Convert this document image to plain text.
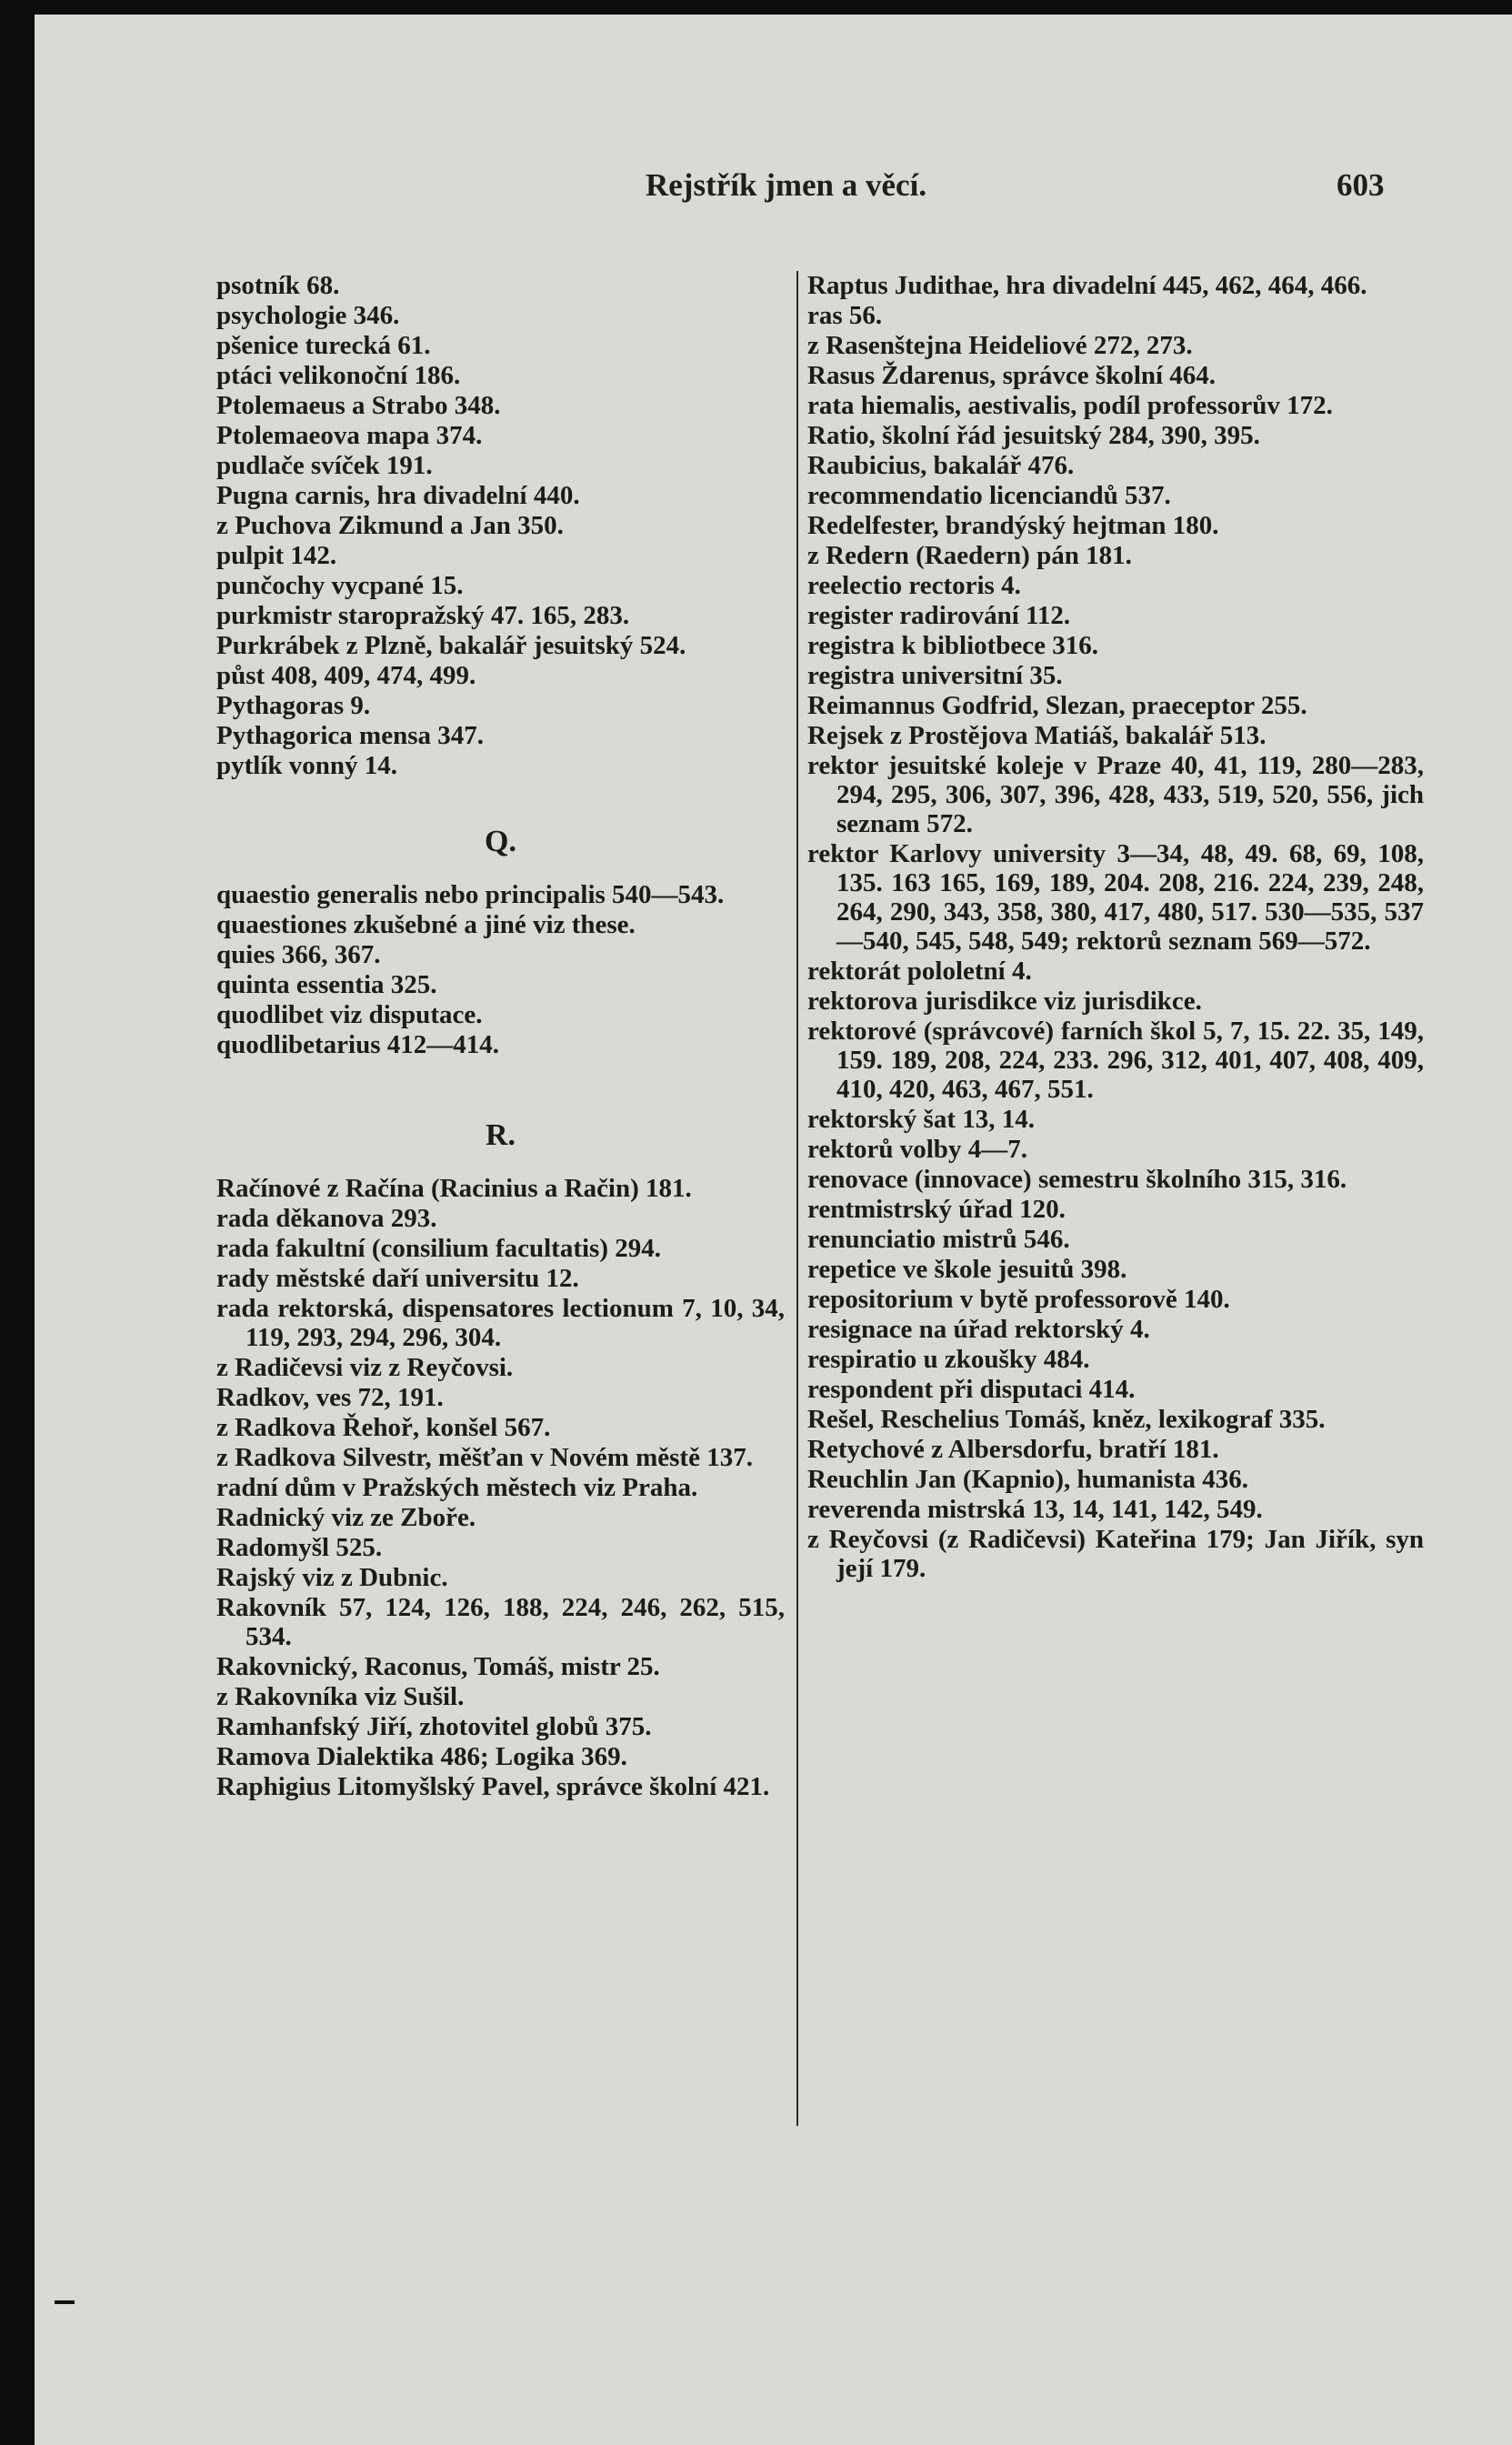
Rejstřík jmen a věcí.	603
psotník 68.
psychologie 346.
pšenice turecká 61.
ptáci velikonoční 186.
Ptolemaeus a Strabo 348.
Ptolemaeova mapa 374.
pudlače svíček 191.
Pugna carnis, hra divadelní 440.
z Puchova Zikmund a Jan 350.
pulpit 142.
punčochy vycpané 15.
purkmistr staropražský 47. 165, 283.
Purkrábek z Plzně, bakalář jesuitský 524.
půst 408, 409, 474, 499.
Pythagoras 9.
Pythagorica mensa 347.
pytlík vonný 14.
Q.
quaestio generalis nebo principalis 540—543.
quaestiones zkušebné a jiné viz these.
quies 366, 367.
quinta essentia 325.
quodlibet viz disputace.
quodlibetarius 412—414.
R.
Račínové z Račína (Racinius a Račin) 181.
rada děkanova 293.
rada fakultní (consilium facultatis) 294.
rady městské daří universitu 12.
rada rektorská, dispensatores lectionum 7, 10, 34, 119, 293, 294, 296, 304.
z Radičevsi viz z Reyčovsi.
Radkov, ves 72, 191.
z Radkova Řehoř, konšel 567.
z Radkova Silvestr, měšťan v Novém městě 137.
radní dům v Pražských městech viz Praha.
Radnický viz ze Zboře.
Radomyšl 525.
Rajský viz z Dubnic.
Rakovník 57, 124, 126, 188, 224, 246, 262, 515, 534.
Rakovnický, Raconus, Tomáš, mistr 25.
z Rakovníka viz Sušil.
Ramhanfský Jiří, zhotovitel globů 375.
Ramova Dialektika 486; Logika 369.
Raphigius Litomyšlský Pavel, správce školní 421.
Raptus Judithae, hra divadelní 445, 462, 464, 466.
ras 56.
z Rasenštejna Heideliové 272, 273.
Rasus Ždarenus, správce školní 464.
rata hiemalis, aestivalis, podíl professorův 172.
Ratio, školní řád jesuitský 284, 390, 395.
Raubicius, bakalář 476.
recommendatio licenciandů 537.
Redelfester, brandýský hejtman 180.
z Redern (Raedern) pán 181.
reelectio rectoris 4.
register radirování 112.
registra k bibliotbece 316.
registra universitní 35.
Reimannus Godfrid, Slezan, praeceptor 255.
Rejsek z Prostějova Matiáš, bakalář 513.
rektor jesuitské koleje v Praze 40, 41, 119, 280—283, 294, 295, 306, 307, 396, 428, 433, 519, 520, 556, jich seznam 572.
rektor Karlovy university 3—34, 48, 49. 68, 69, 108, 135. 163 165, 169, 189, 204. 208, 216. 224, 239, 248, 264, 290, 343, 358, 380, 417, 480, 517. 530—535, 537—540, 545, 548, 549; rektorů seznam 569—572.
rektorát pololetní 4.
rektorova jurisdikce viz jurisdikce.
rektorové (správcové) farních škol 5, 7, 15. 22. 35, 149, 159. 189, 208, 224, 233. 296, 312, 401, 407, 408, 409, 410, 420, 463, 467, 551.
rektorský šat 13, 14.
rektorů volby 4—7.
renovace (innovace) semestru školního 315, 316.
rentmistrský úřad 120.
renunciatio mistrů 546.
repetice ve škole jesuitů 398.
repositorium v bytě professorově 140.
resignace na úřad rektorský 4.
respiratio u zkoušky 484.
respondent při disputaci 414.
Rešel, Reschelius Tomáš, kněz, lexikograf 335.
Retychové z Albersdorfu, bratří 181.
Reuchlin Jan (Kapnio), humanista 436.
reverenda mistrská 13, 14, 141, 142, 549.
z Reyčovsi (z Radičevsi) Kateřina 179; Jan Jiřík, syn její 179.
